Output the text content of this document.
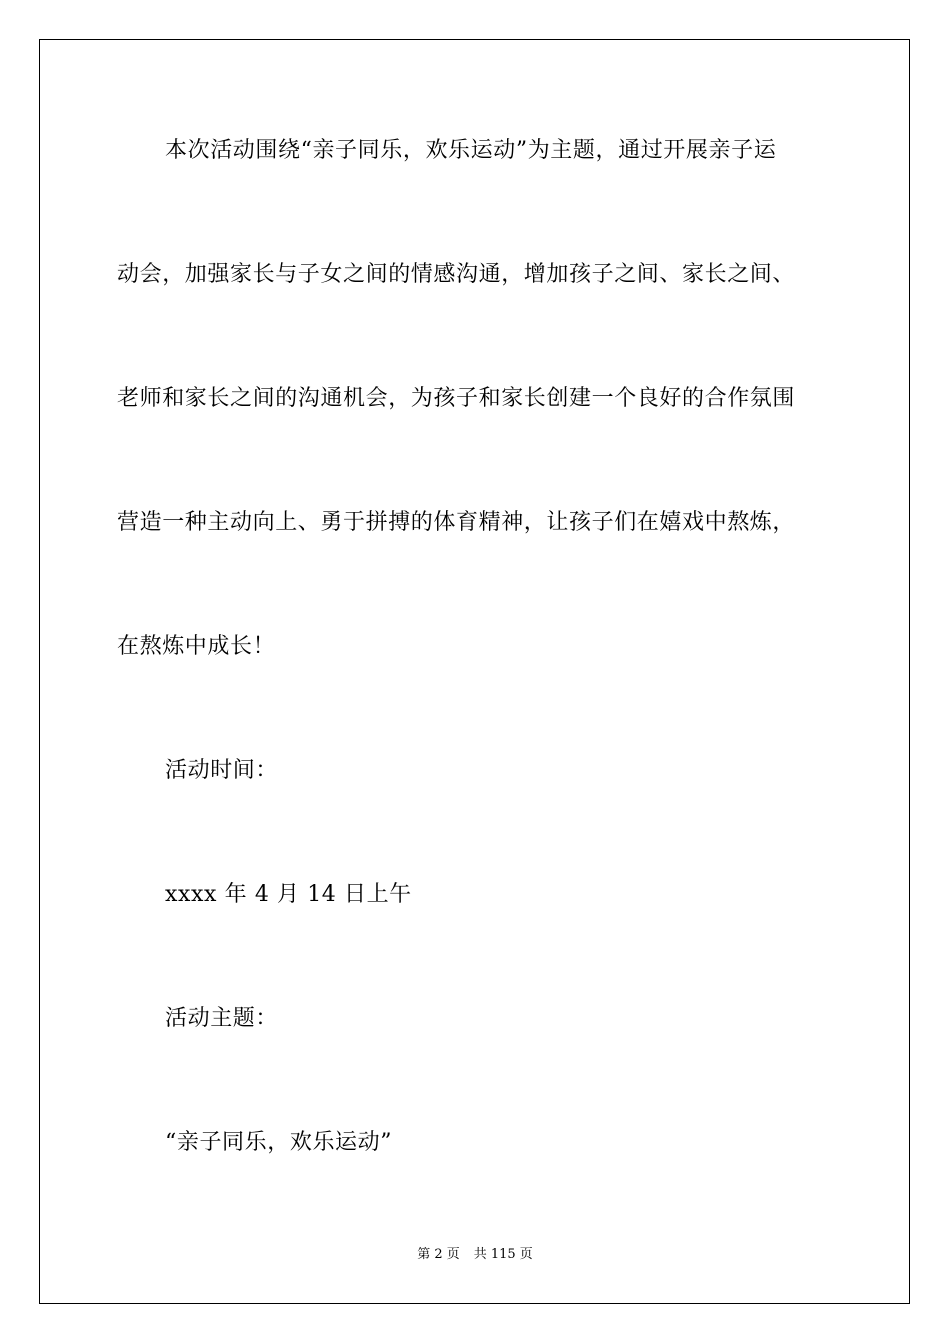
本次活动围绕“亲子同乐，欢乐运动”为主题，通过开展亲子运
动会，加强家长与子女之间的情感沟通，增加孩子之间、家长之间、
老师和家长之间的沟通机会，为孩子和家长创建一个良好的合作氛围
营造一种主动向上、勇于拼搏的体育精神，让孩子们在嬉戏中熬炼，
在熬炼中成长！
活动时间：
xxxx 年 4 月 14 日上午
活动主题：
“亲子同乐，欢乐运动”
第 2 页 共 115 页
